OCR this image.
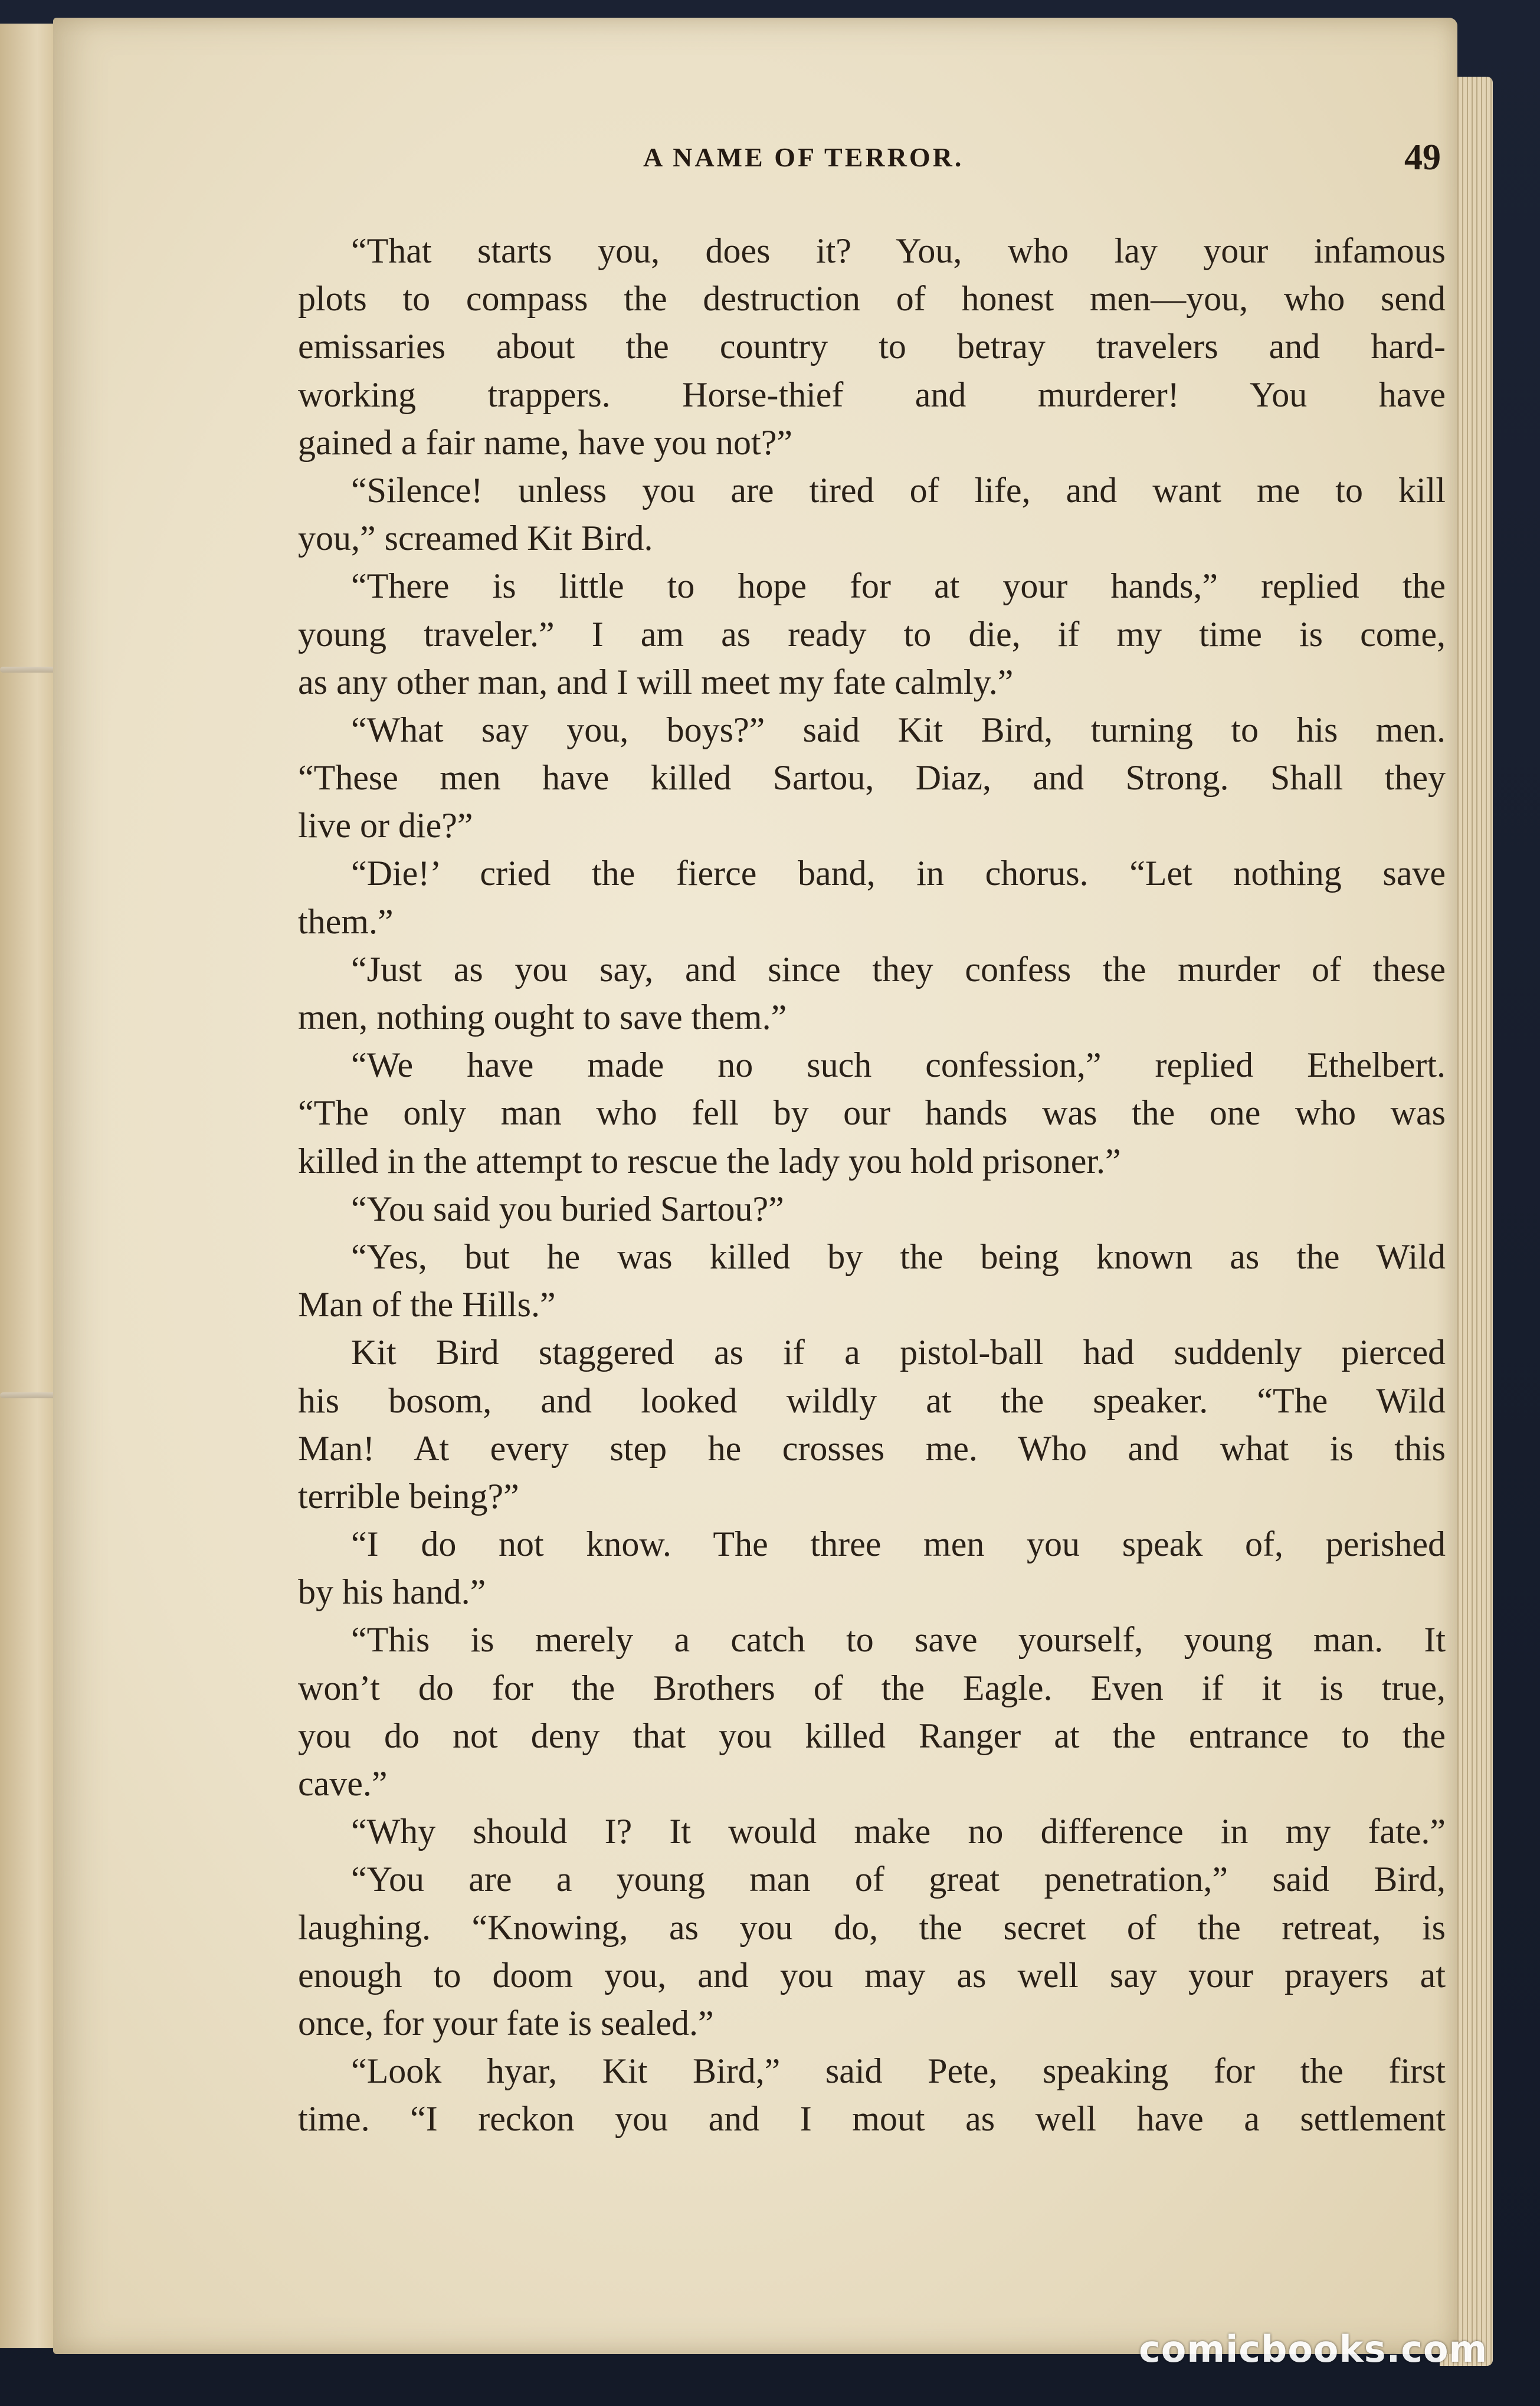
A NAME OF TERROR.	49
“That starts you, does it? You, who lay your infamous
plots to compass the destruction of honest men—you, who send
emissaries about the country to betray travelers and hard-
working trappers. Horse-thief and murderer! You have
gained a fair name, have you not?”
“Silence! unless you are tired of life, and want me to kill
you,” screamed Kit Bird.
“There is little to hope for at your hands,” replied the
young traveler.” I am as ready to die, if my time is come,
as any other man, and I will meet my fate calmly.”
“What say you, boys?” said Kit Bird, turning to his men.
“These men have killed Sartou, Diaz, and Strong. Shall they
live or die?”
“Die!’ cried the fierce band, in chorus. “Let nothing save
them.”
“Just as you say, and since they confess the murder of these
men, nothing ought to save them.”
“We have made no such confession,” replied Ethelbert.
“The only man who fell by our hands was the one who was
killed in the attempt to rescue the lady you hold prisoner.”
“You said you buried Sartou?”
“Yes, but he was killed by the being known as the Wild
Man of the Hills.”
Kit Bird staggered as if a pistol-ball had suddenly pierced
his bosom, and looked wildly at the speaker. “The Wild
Man! At every step he crosses me. Who and what is this
terrible being?”
“I do not know. The three men you speak of, perished
by his hand.”
“This is merely a catch to save yourself, young man. It
won’t do for the Brothers of the Eagle. Even if it is true,
you do not deny that you killed Ranger at the entrance to the
cave.”
“Why should I? It would make no difference in my fate.”
“You are a young man of great penetration,” said Bird,
laughing. “Knowing, as you do, the secret of the retreat, is
enough to doom you, and you may as well say your prayers at
once, for your fate is sealed.”
“Look hyar, Kit Bird,” said Pete, speaking for the first
time. “I reckon you and I mout as well have a settlement
comicbooks.com
